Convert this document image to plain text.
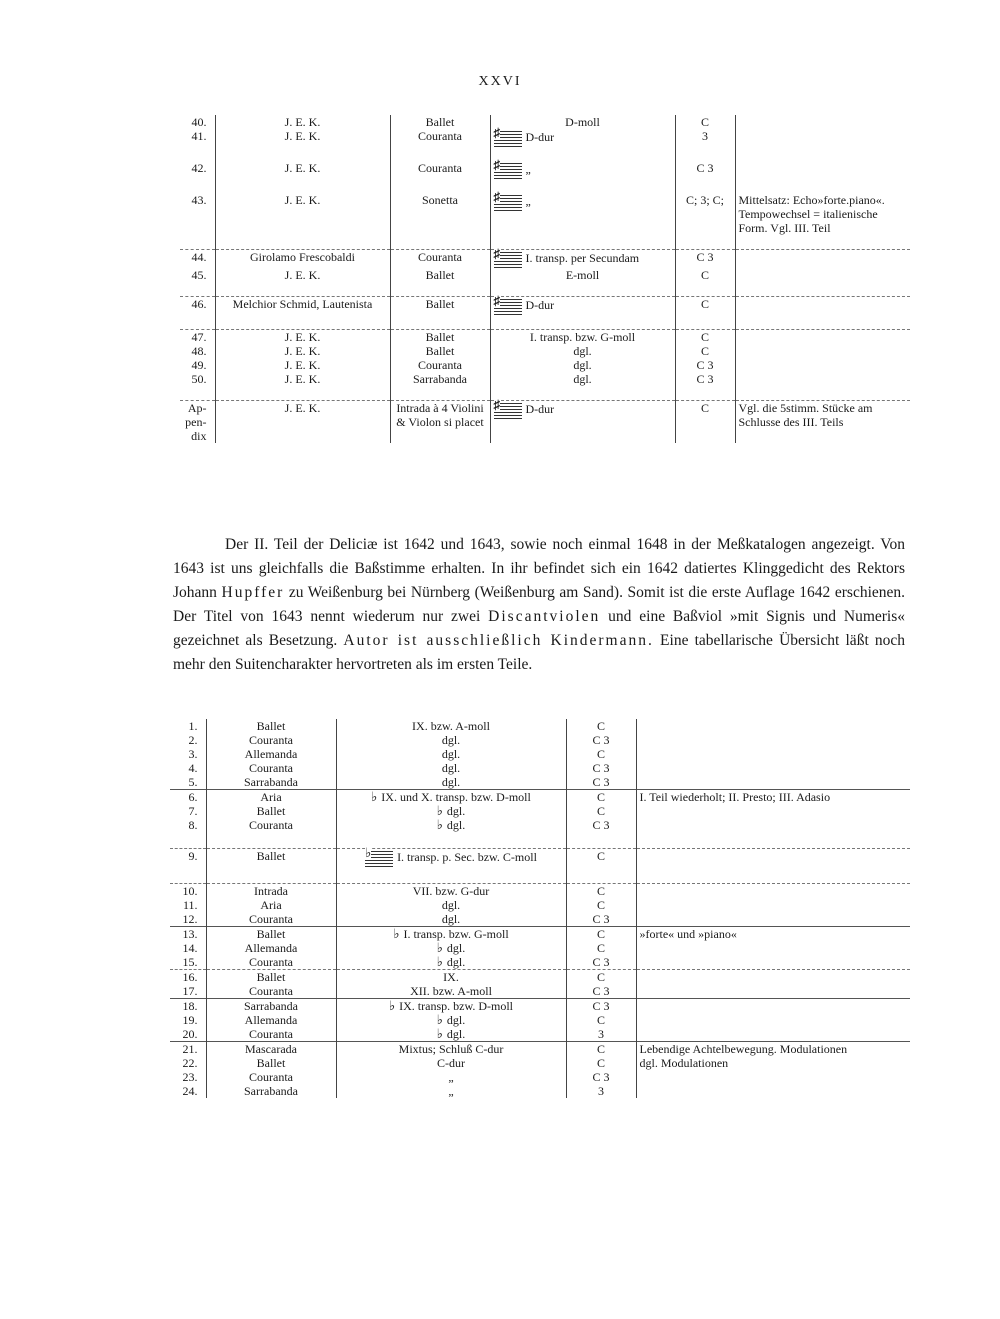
XXVI
40.	J. E. K.	Ballet	D-moll	C	
41.	J. E. K.	Couranta	♯ D-dur	3	

42.	J. E. K.	Couranta	♯ „	C 3	

43.	J. E. K.	Sonetta	♯ „	C; 3; C;	Mittelsatz: Echo»forte.piano«. Tempowechsel = italienische Form. Vgl. III. Teil

44.	Girolamo Frescobaldi	Couranta	♯ I. transp. per Secundam	C 3	
45.	J. E. K.	Ballet	E-moll	C	

46.	Melchior Schmid, Lautenista	Ballet	♯ D-dur	C	

47.	J. E. K.	Ballet	I. transp. bzw. G-moll	C	
48.	J. E. K.	Ballet	dgl.	C	
49.	J. E. K.	Couranta	dgl.	C 3	
50.	J. E. K.	Sarrabanda	dgl.	C 3	

Ap- pen- dix	J. E. K.	Intrada à 4 Violini & Violon si placet	♯ D-dur	C	Vgl. die 5stimm. Stücke am Schlusse des III. Teils

Der II. Teil der Deliciæ ist 1642 und 1643, sowie noch einmal 1648 in der Meßkatalogen angezeigt. Von 1643 ist uns gleichfalls die Baßstimme erhalten. In ihr befindet sich ein 1642 datiertes Klinggedicht des Rektors Johann Hupffer zu Weißenburg bei Nürnberg (Weißenburg am Sand). Somit ist die erste Auflage 1642 erschienen. Der Titel von 1643 nennt wiederum nur zwei Discantviolen und eine Baßviol »mit Signis und Numeris« gezeichnet als Besetzung. Autor ist ausschließlich Kindermann. Eine tabellarische Übersicht läßt noch mehr den Suitencharakter hervortreten als im ersten Teile.

1.	Ballet	IX. bzw. A-moll	C	
2.	Couranta	dgl.	C 3	
3.	Allemanda	dgl.	C	
4.	Couranta	dgl.	C 3	
5.	Sarrabanda	dgl.	C 3	
6.	Aria	♭ IX. und X. transp. bzw. D-moll	C	I. Teil wiederholt; II. Presto; III. Adasio
7.	Ballet	♭ dgl.	C	
8.	Couranta	♭ dgl.	C 3	

9.	Ballet	♭ I. transp. p. Sec. bzw. C-moll	C	

10.	Intrada	VII. bzw. G-dur	C	
11.	Aria	dgl.	C	
12.	Couranta	dgl.	C 3	
13.	Ballet	♭ I. transp. bzw. G-moll	C	»forte« und »piano«
14.	Allemanda	♭ dgl.	C	
15.	Couranta	♭ dgl.	C 3	
16.	Ballet	IX.	C	
17.	Couranta	XII. bzw. A-moll	C 3	
18.	Sarrabanda	♭ IX. transp. bzw. D-moll	C 3	
19.	Allemanda	♭ dgl.	C	
20.	Couranta	♭ dgl.	3	
21.	Mascarada	Mixtus; Schluß C-dur	C	Lebendige Achtelbewegung. Modulationen
22.	Ballet	C-dur	C	dgl. Modulationen
23.	Couranta	„	C 3	
24.	Sarrabanda	„	3	
